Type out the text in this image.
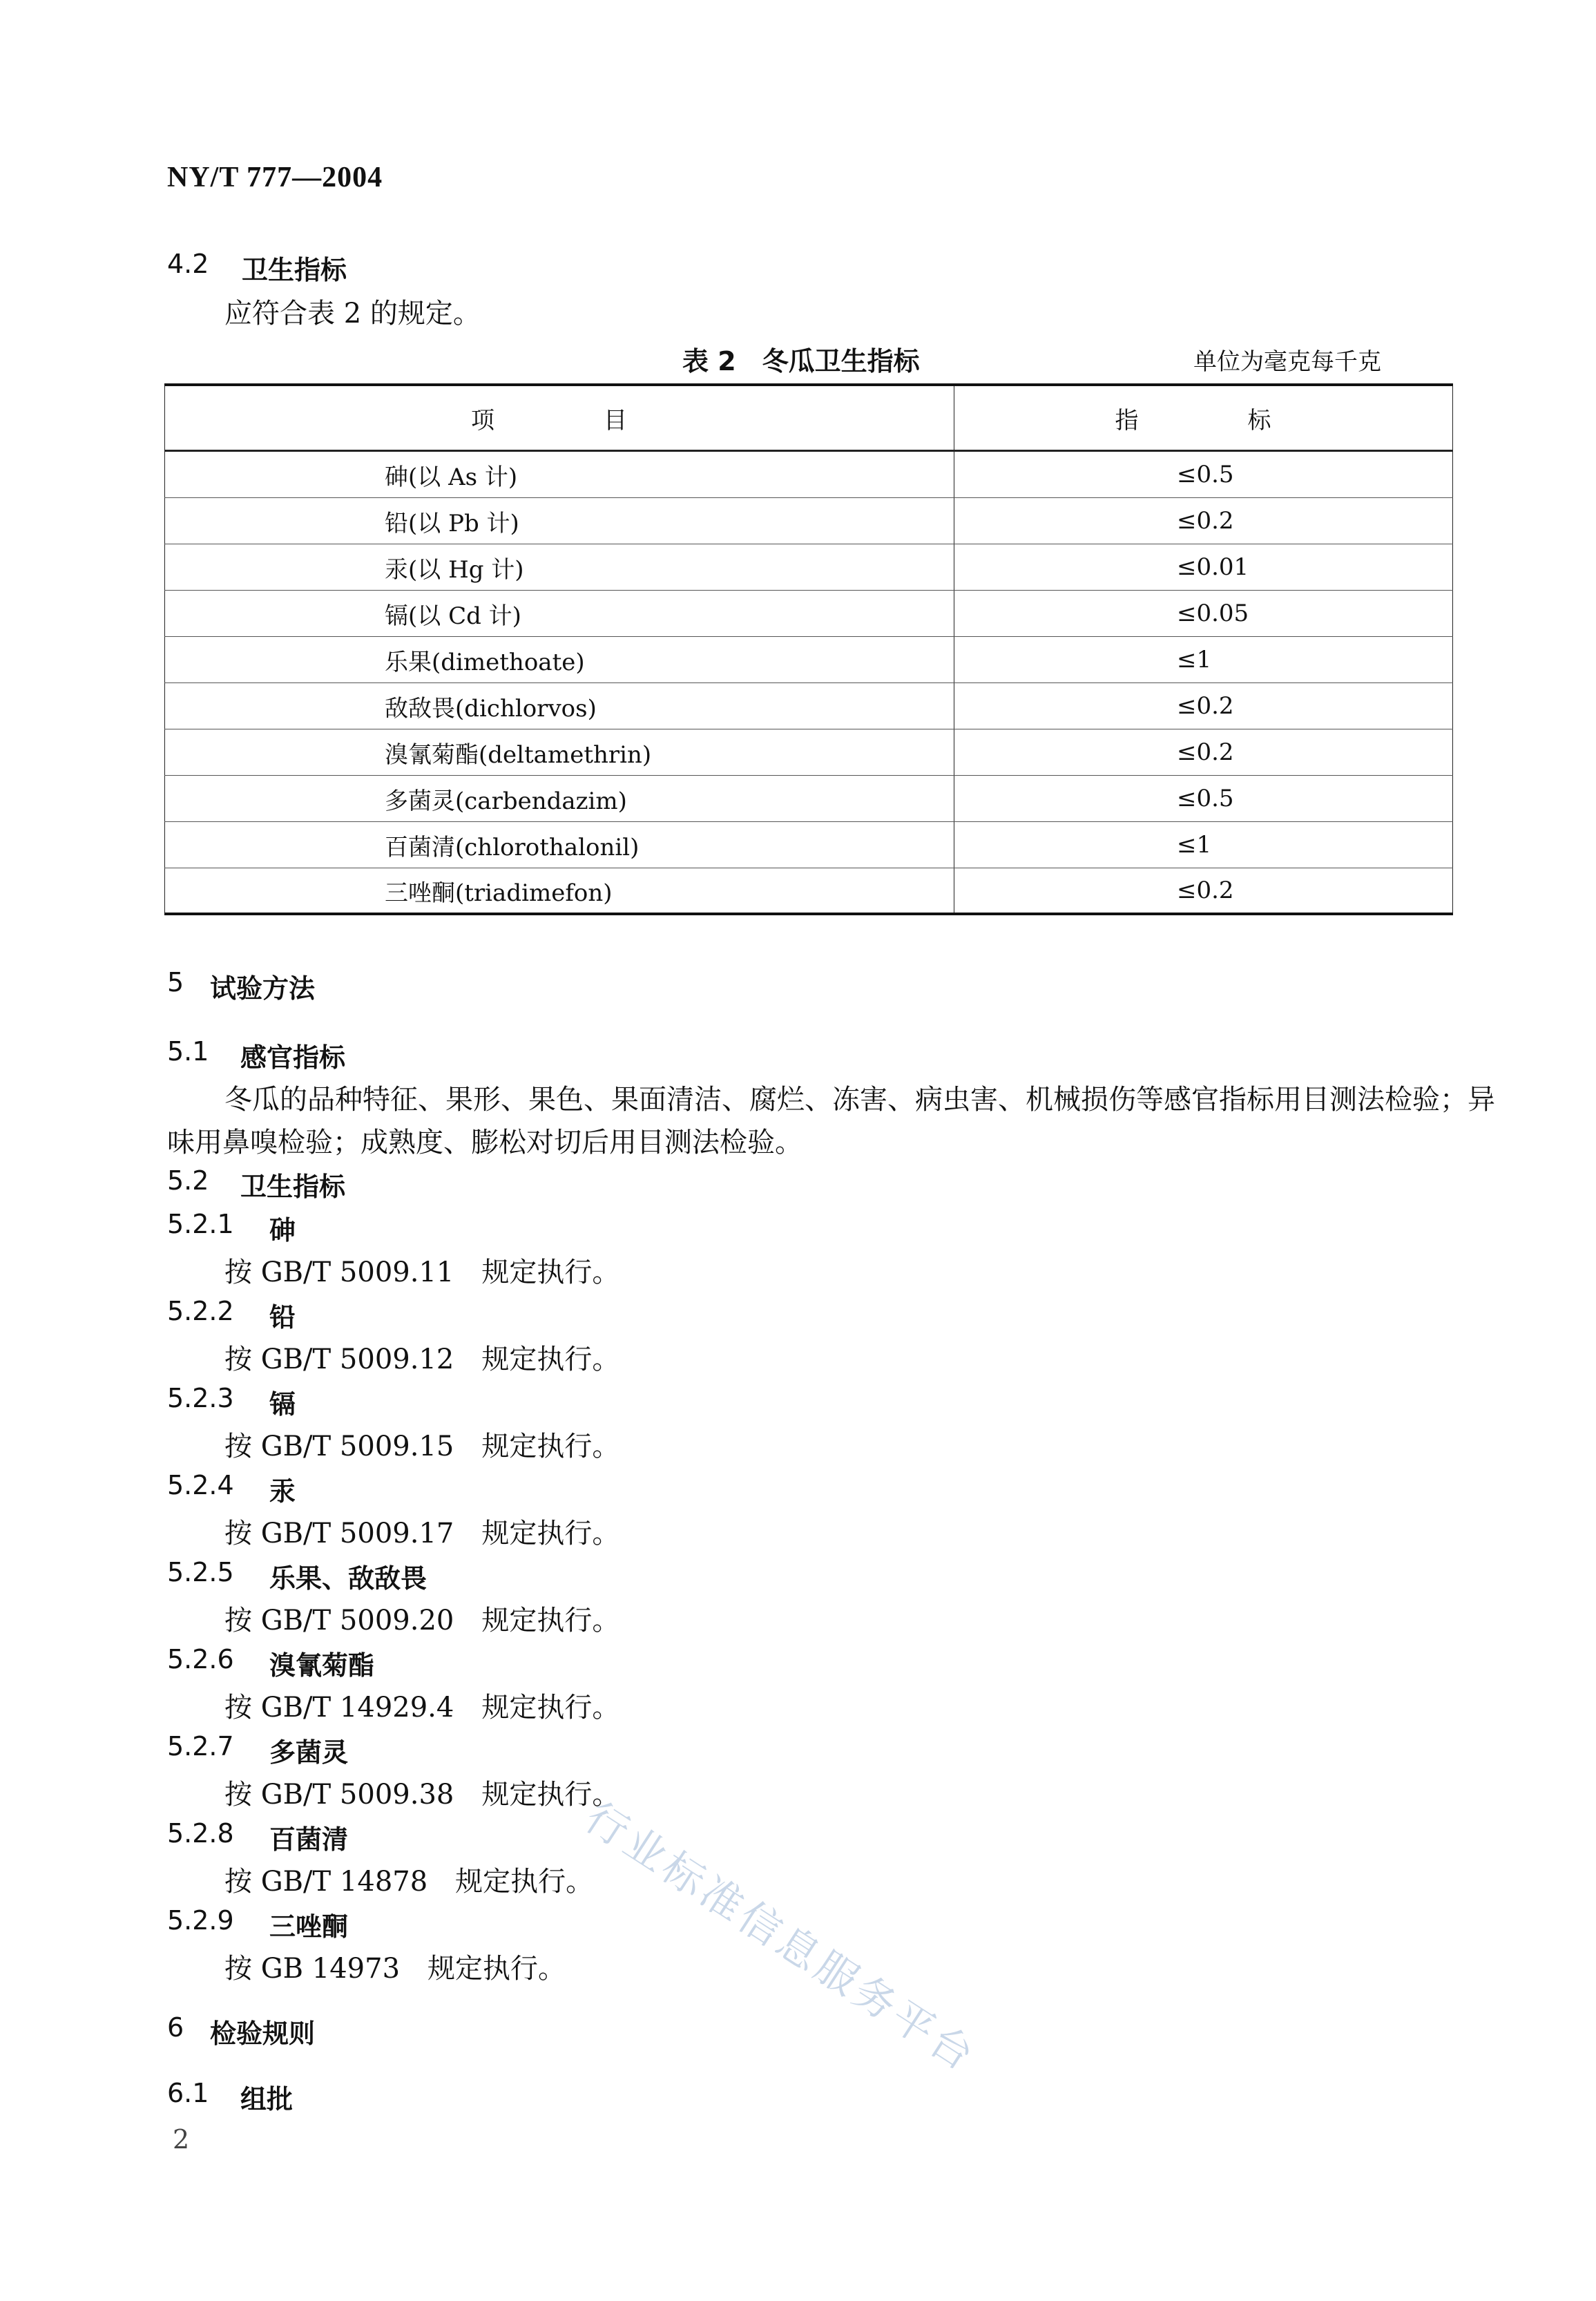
NY/T 777—2004
4.2 卫生指标
应符合表 2 的规定。
表 2　冬瓜卫生指标	单位为毫克每千克
项　　目	指　　标
砷(以 As 计)	≤0.5
铅(以 Pb 计)	≤0.2
汞(以 Hg 计)	≤0.01
镉(以 Cd 计)	≤0.05
乐果(dimethoate)	≤1
敌敌畏(dichlorvos)	≤0.2
溴氰菊酯(deltamethrin)	≤0.2
多菌灵(carbendazim)	≤0.5
百菌清(chlorothalonil)	≤1
三唑酮(triadimefon)	≤0.2
5 试验方法
5.1 感官指标
冬瓜的品种特征、果形、果色、果面清洁、腐烂、冻害、病虫害、机械损伤等感官指标用目测法检验；异
味用鼻嗅检验；成熟度、膨松对切后用目测法检验。
5.2 卫生指标
5.2.1 砷
按 GB/T 5009.11　规定执行。
5.2.2 铅
按 GB/T 5009.12　规定执行。
5.2.3 镉
按 GB/T 5009.15　规定执行。
5.2.4 汞
按 GB/T 5009.17　规定执行。
5.2.5 乐果、敌敌畏
按 GB/T 5009.20　规定执行。
5.2.6 溴氰菊酯
按 GB/T 14929.4　规定执行。
5.2.7 多菌灵
按 GB/T 5009.38　规定执行。
5.2.8 百菌清
按 GB/T 14878　规定执行。
5.2.9 三唑酮
按 GB 14973　规定执行。
6 检验规则
6.1 组批
行业标准信息服务平台
2
